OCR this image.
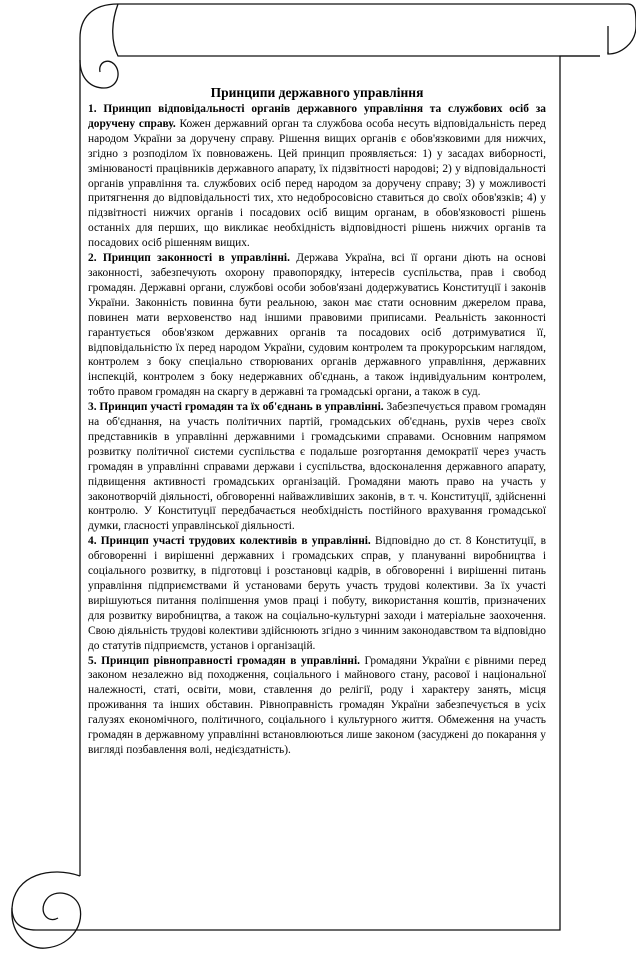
Принципи державного управління

1. Принцип відповідальності органів державного управління та службових осіб за доручену справу. Кожен державний орган та службова особа несуть відповідальність перед народом України за доручену справу. Рішення вищих органів є обов'язковими для нижчих, згідно з розподілом їх повноважень. Цей принцип проявляється: 1) у засадах виборності, змінюваності працівників державного апарату, їх підзвітності народові; 2) у відповідальності органів управління та. службових осіб перед народом за доручену справу; 3) у можливості притягнення до відповідальності тих, хто недобросовісно ставиться до своїх обов'язків; 4) у підзвітності нижчих органів і посадових осіб вищим органам, в обов'язковості рішень останніх для перших, що викликає необхідність відповідності рішень нижчих органів та посадових осіб рішенням вищих.

2. Принцип законності в управлінні. Держава Україна, всі її органи діють на основі законності, забезпечують охорону правопорядку, інтересів суспільства, прав і свобод громадян. Державні органи, службові особи зобов'язані додержуватись Конституції і законів України. Законність повинна бути реальною, закон має стати основним джерелом права, повинен мати верховенство над іншими правовими приписами. Реальність законності гарантується обов'язком державних органів та посадових осіб дотримуватися її, відповідальністю їх перед народом України, судовим контролем та прокурорським наглядом, контролем з боку спеціально створюваних органів державного управління, державних інспекцій, контролем з боку недержавних об'єднань, а також індивідуальним контролем, тобто правом громадян на скаргу в державні та громадські органи, а також в суд.

3. Принцип участі громадян та їх об'єднань в управлінні. Забезпечується правом громадян на об'єднання, на участь політичних партій, громадських об'єднань, рухів через своїх представників в управлінні державними і громадськими справами. Основним напрямом розвитку політичної системи суспільства є подальше розгортання демократії через участь громадян в управлінні справами держави і суспільства, вдосконалення державного апарату, підвищення активності громадських організацій. Громадяни мають право на участь у законотворчій діяльності, обговоренні найважливіших законів, в т. ч. Конституції, здійсненні контролю. У Конституції передбачається необхідність постійного врахування громадської думки, гласності управлінської діяльності.

4. Принцип участі трудових колективів в управлінні. Відповідно до ст. 8 Конституції, в обговоренні і вирішенні державних і громадських справ, у плануванні виробництва і соціального розвитку, в підготовці і розстановці кадрів, в обговоренні і вирішенні питань управління підприємствами й установами беруть участь трудові колективи. За їх участі вирішуються питання поліпшення умов праці і побуту, використання коштів, призначених для розвитку виробництва, а також на соціально-культурні заходи і матеріальне заохочення. Свою діяльність трудові колективи здійснюють згідно з чинним законодавством та відповідно до статутів підприємств, установ і організацій.

5. Принцип рівноправності громадян в управлінні. Громадяни України є рівними перед законом незалежно від походження, соціального і майнового стану, расової і національної належності, статі, освіти, мови, ставлення до релігії, роду і характеру занять, місця проживання та інших обставин. Рівноправність громадян України забезпечується в усіх галузях економічного, політичного, соціального і культурного життя. Обмеження на участь громадян в державному управлінні встановлюються лише законом (засуджені до покарання у вигляді позбавлення волі, недієздатність).
